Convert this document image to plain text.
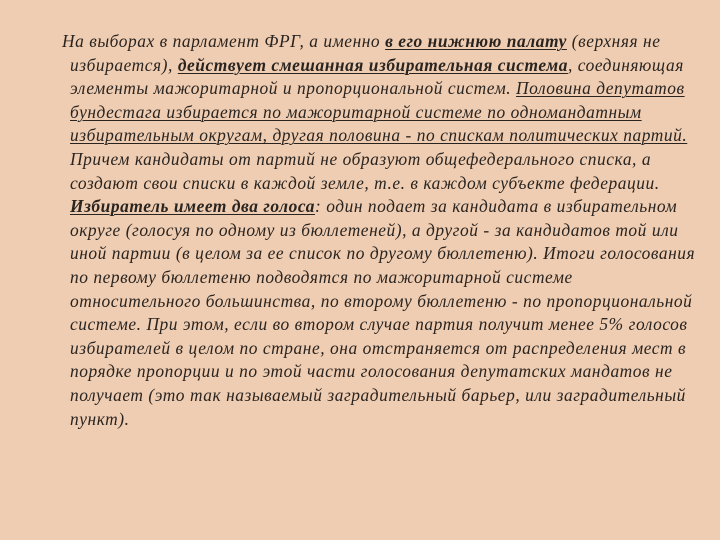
На выборах в парламент ФРГ, а именно в его нижнюю палату (верхняя не избирается), действует смешанная избирательная система, соединяющая элементы мажоритарной и пропорциональной систем. Половина депутатов бундестага избирается по мажоритарной системе по одномандатным избирательным округам, другая половина - по спискам политических партий. Причем кандидаты от партий не образуют общефедерального списка, а создают свои списки в каждой земле, т.е. в каждом субъекте федерации. Избиратель имеет два голоса: один подает за кандидата в избирательном округе (голосуя по одному из бюллетеней), а другой - за кандидатов той или иной партии (в целом за ее список по другому бюллетеню). Итоги голосования по первому бюллетеню подводятся по мажоритарной системе относительного большинства, по второму бюллетеню - по пропорциональной системе. При этом, если во втором случае партия получит менее 5% голосов избирателей в целом по стране, она отстраняется от распределения мест в порядке пропорции и по этой части голосования депутатских мандатов не получает (это так называемый заградительный барьер, или заградительный пункт).
